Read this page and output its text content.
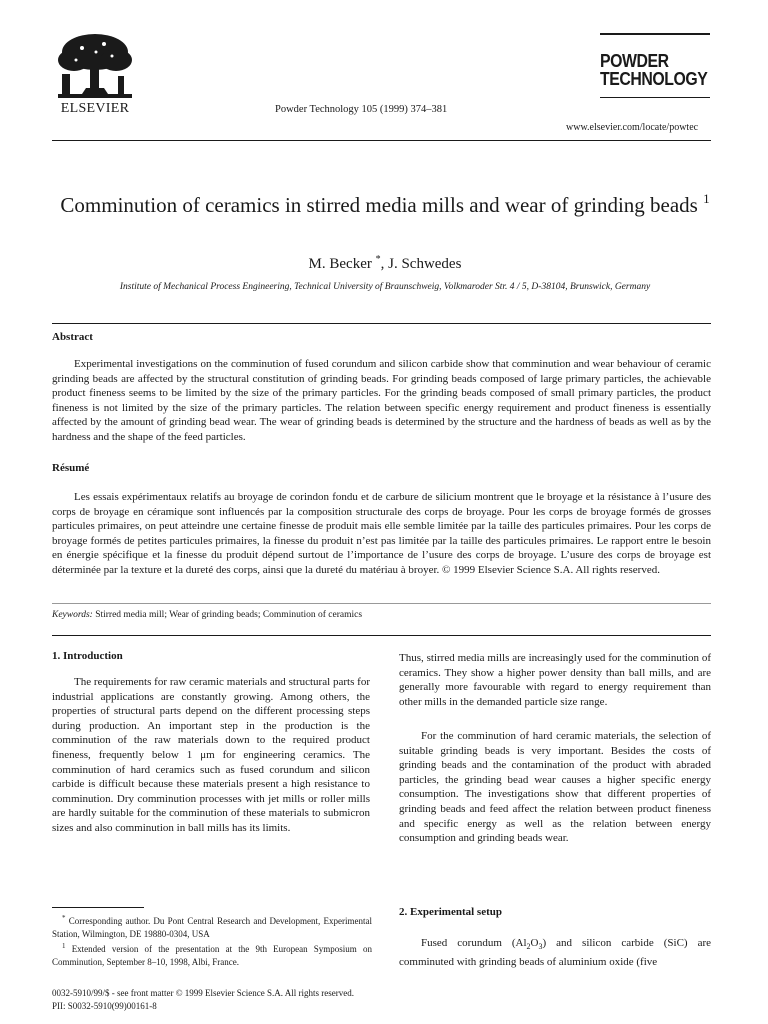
ELSEVIER	Powder Technology 105 (1999) 374–381
POWDER
TECHNOLOGY
www.elsevier.com/locate/powtec
Comminution of ceramics in stirred media mills and wear of grinding beads $^1$
M. Becker *, J. Schwedes
Institute of Mechanical Process Engineering, Technical University of Braunschweig, Volkmaroder Str. 4 / 5, D-38104, Brunswick, Germany
Abstract

Experimental investigations on the comminution of fused corundum and silicon carbide show that comminution and wear behaviour of ceramic grinding beads are affected by the structural constitution of grinding beads. For grinding beads composed of large primary particles, the achievable product fineness seems to be limited by the size of the primary particles. For the grinding beads composed of small primary particles, the product fineness is not limited by the size of the primary particles. The relation between specific energy requirement and product fineness is essentially affected by the amount of grinding bead wear. The wear of grinding beads is determined by the structure and the hardness of beads as well as by the hardness and the shape of the feed particles.

Résumé

Les essais expérimentaux relatifs au broyage de corindon fondu et de carbure de silicium montrent que le broyage et la résistance à l’usure des corps de broyage en céramique sont influencés par la composition structurale des corps de broyage. Pour les corps de broyage formés de grosses particules primaires, on peut atteindre une certaine finesse de produit mais elle semble limitée par la taille des particules primaires. Pour les corps de broyage formés de petites particules primaires, la finesse du produit n’est pas limitée par la taille des particules primaires. Le rapport entre le besoin en énergie spécifique et la finesse du produit dépend surtout de l’importance de l’usure des corps de broyage. L’usure des corps de broyage est déterminée par la texture et la dureté des corps, ainsi que la dureté du matériau à broyer. © 1999 Elsevier Science S.A. All rights reserved.

Keywords: Stirred media mill; Wear of grinding beads; Comminution of ceramics
1. Introduction

The requirements for raw ceramic materials and structural parts for industrial applications are constantly growing. Among others, the properties of structural parts depend on the different processing steps during production. An important step in the production is the comminution of the raw materials down to the required product fineness, frequently below 1 μm for engineering ceramics. The comminution of hard ceramics such as fused corundum and silicon carbide is difficult because these materials present a high resistance to comminution. Dry comminution processes with jet mills or roller mills are hardly suitable for the comminution of these materials to submicron sizes and also comminution in ball mills has its limits.

* Corresponding author. Du Pont Central Research and Development, Experimental Station, Wilmington, DE 19880-0304, USA

$^1$ Extended version of the presentation at the 9th European Symposium on Comminution, September 8–10, 1998, Albi, France.

Thus, stirred media mills are increasingly used for the comminution of ceramics. They show a higher power density than ball mills, and are generally more favourable with regard to energy requirement than other mills in the demanded particle size range.

For the comminution of hard ceramic materials, the selection of suitable grinding beads is very important. Besides the costs of grinding beads and the contamination of the product with abraded particles, the grinding bead wear causes a higher specific energy consumption. The investigations show that different properties of grinding beads and feed affect the relation between product fineness and specific energy as well as the relation between energy consumption and grinding beads wear.

2. Experimental setup

Fused corundum $(Al_2O_3)$ and silicon carbide (SiC) are comminuted with grinding beads of aluminium oxide (five

0032-5910/99/$ - see front matter © 1999 Elsevier Science S.A. All rights reserved.
PII: S0032-5910(99)00161-8
